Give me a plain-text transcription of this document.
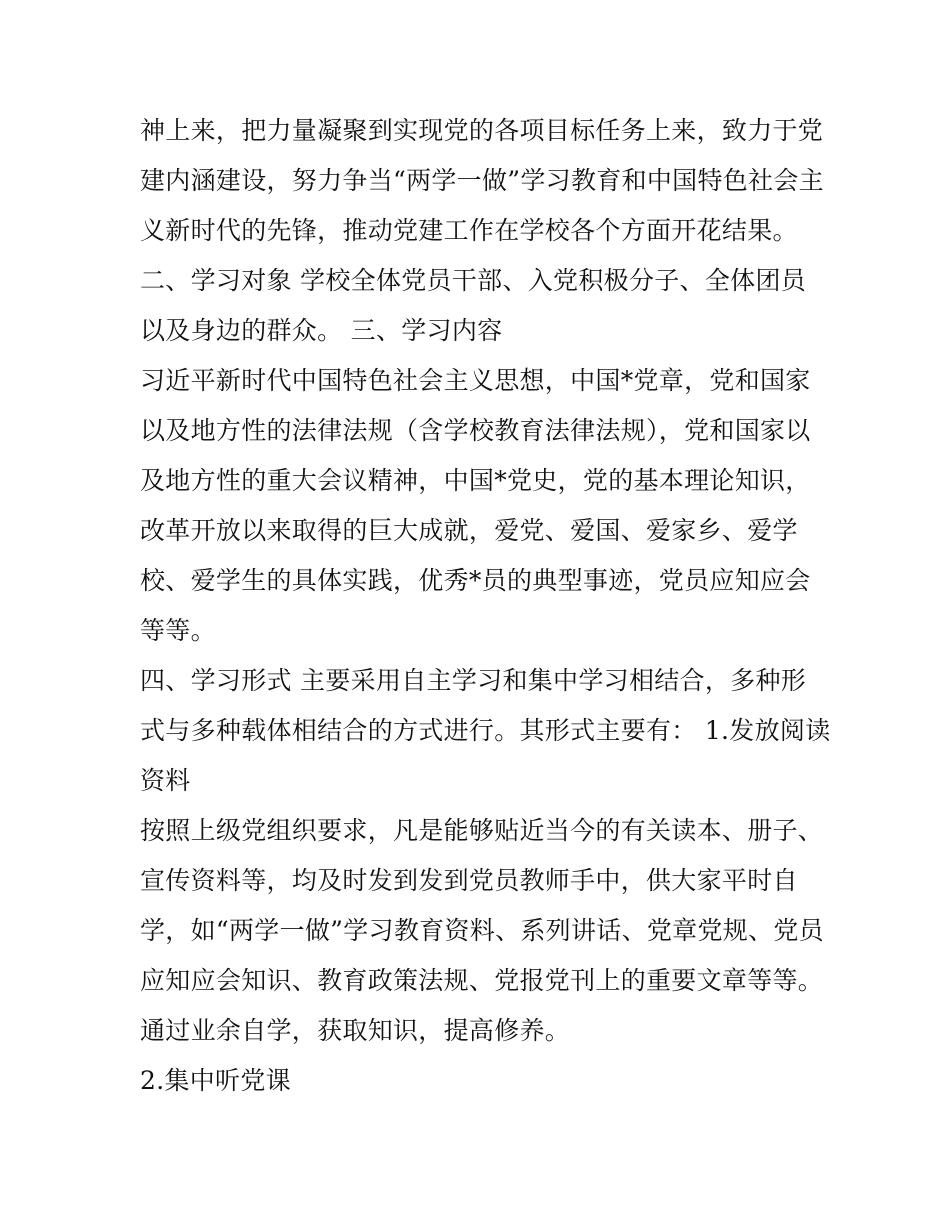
神上来，把力量凝聚到实现党的各项目标任务上来，致力于党
建内涵建设，努力争当“两学一做”学习教育和中国特色社会主
义新时代的先锋，推动党建工作在学校各个方面开花结果。
二、学习对象 学校全体党员干部、入党积极分子、全体团员
以及身边的群众。 三、学习内容
习近平新时代中国特色社会主义思想，中国*党章，党和国家
以及地方性的法律法规（含学校教育法律法规），党和国家以
及地方性的重大会议精神，中国*党史，党的基本理论知识，
改革开放以来取得的巨大成就，爱党、爱国、爱家乡、爱学
校、爱学生的具体实践，优秀*员的典型事迹，党员应知应会
等等。
四、学习形式 主要采用自主学习和集中学习相结合，多种形
式与多种载体相结合的方式进行。其形式主要有： 1.发放阅读
资料
按照上级党组织要求，凡是能够贴近当今的有关读本、册子、
宣传资料等，均及时发到发到党员教师手中，供大家平时自
学，如“两学一做”学习教育资料、系列讲话、党章党规、党员
应知应会知识、教育政策法规、党报党刊上的重要文章等等。
通过业余自学，获取知识，提高修养。
2.集中听党课
